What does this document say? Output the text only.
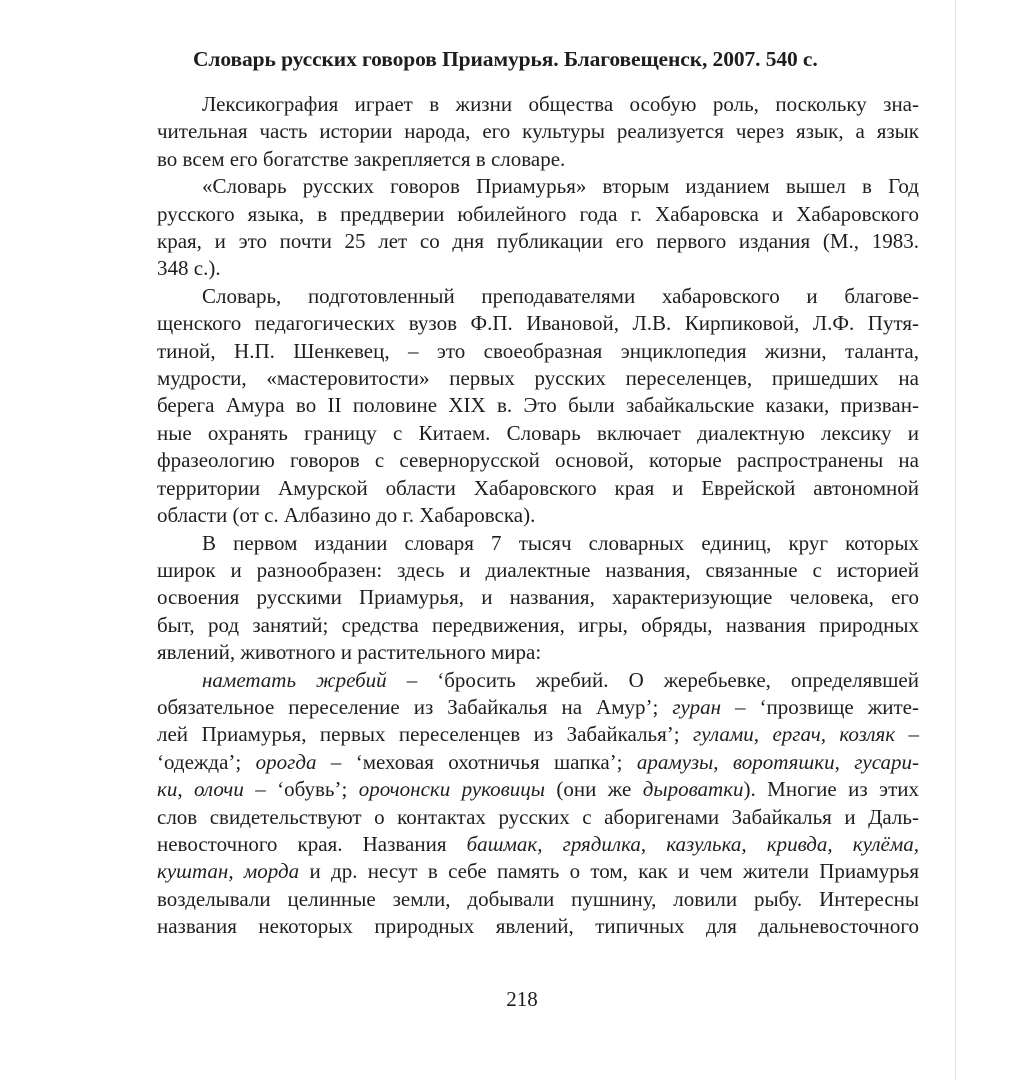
Словарь русских говоров Приамурья. Благовещенск, 2007. 540 с.

Лексикография играет в жизни общества особую роль, поскольку зна-
чительная часть истории народа, его культуры реализуется через язык, а язык
во всем его богатстве закрепляется в словаре.

«Словарь русских говоров Приамурья» вторым изданием вышел в Год
русского языка, в преддверии юбилейного года г. Хабаровска и Хабаровского
края, и это почти 25 лет со дня публикации его первого издания (М., 1983.
348 с.).

Словарь, подготовленный преподавателями хабаровского и благове-
щенского педагогических вузов Ф.П. Ивановой, Л.В. Кирпиковой, Л.Ф. Путя-
тиной, Н.П. Шенкевец, – это своеобразная энциклопедия жизни, таланта,
мудрости, «мастеровитости» первых русских переселенцев, пришедших на
берега Амура во II половине XIX в. Это были забайкальские казаки, призван-
ные охранять границу с Китаем. Словарь включает диалектную лексику и
фразеологию говоров с севернорусской основой, которые распространены на
территории Амурской области Хабаровского края и Еврейской автономной
области (от с. Албазино до г. Хабаровска).

В первом издании словаря 7 тысяч словарных единиц, круг которых
широк и разнообразен: здесь и диалектные названия, связанные с историей
освоения русскими Приамурья, и названия, характеризующие человека, его
быт, род занятий; средства передвижения, игры, обряды, названия природных
явлений, животного и растительного мира:

наметать жребий – ‘бросить жребий. О жеребьевке, определявшей
обязательное переселение из Забайкалья на Амур’; гуран – ‘прозвище жите-
лей Приамурья, первых переселенцев из Забайкалья’; гулами, ергач, козляк –
‘одежда’; орогда – ‘меховая охотничья шапка’; арамузы, воротяшки, гусари-
ки, олочи – ‘обувь’; орочонски руковицы (они же дыроватки). Многие из этих
слов свидетельствуют о контактах русских с аборигенами Забайкалья и Даль-
невосточного края. Названия башмак, грядилка, казулька, кривда, кулёма,
куштан, морда и др. несут в себе память о том, как и чем жители Приамурья
возделывали целинные земли, добывали пушнину, ловили рыбу. Интересны
названия некоторых природных явлений, типичных для дальневосточного

218
